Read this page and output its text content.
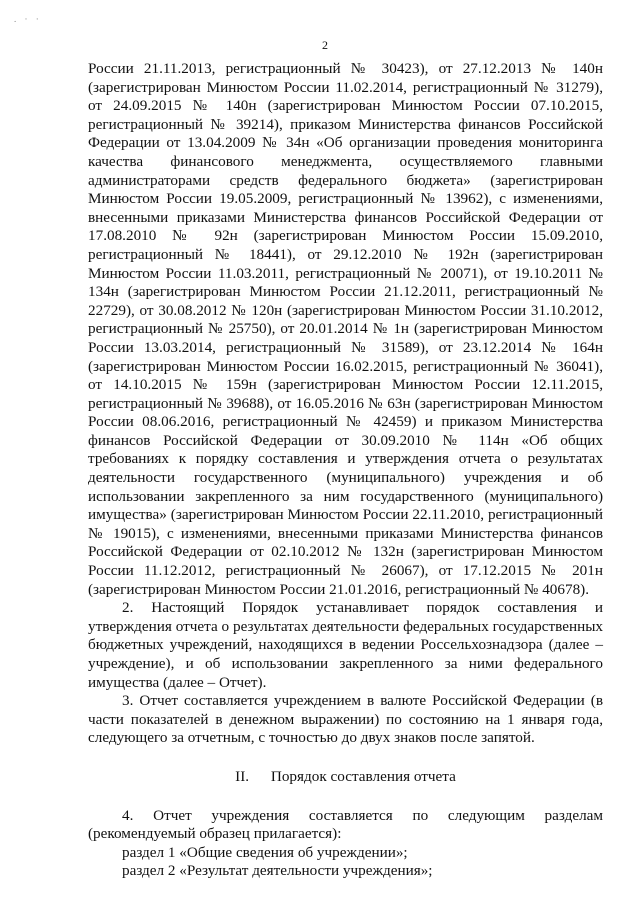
. · ·
2

России 21.11.2013, регистрационный № 30423), от 27.12.2013 № 140н (зарегистрирован Минюстом России 11.02.2014, регистрационный № 31279), от 24.09.2015 № 140н (зарегистрирован Минюстом России 07.10.2015, регистрационный № 39214), приказом Министерства финансов Российской Федерации от 13.04.2009 № 34н «Об организации проведения мониторинга качества финансового менеджмента, осуществляемого главными администраторами средств федерального бюджета» (зарегистрирован Минюстом России 19.05.2009, регистрационный № 13962), с изменениями, внесенными приказами Министерства финансов Российской Федерации от 17.08.2010 № 92н (зарегистрирован Минюстом России 15.09.2010, регистрационный № 18441), от 29.12.2010 № 192н (зарегистрирован Минюстом России 11.03.2011, регистрационный № 20071), от 19.10.2011 № 134н (зарегистрирован Минюстом России 21.12.2011, регистрационный № 22729), от 30.08.2012 № 120н (зарегистрирован Минюстом России 31.10.2012, регистрационный № 25750), от 20.01.2014 № 1н (зарегистрирован Минюстом России 13.03.2014, регистрационный № 31589), от 23.12.2014 № 164н (зарегистрирован Минюстом России 16.02.2015, регистрационный № 36041), от 14.10.2015 № 159н (зарегистрирован Минюстом России 12.11.2015, регистрационный № 39688), от 16.05.2016 № 63н (зарегистрирован Минюстом России 08.06.2016, регистрационный № 42459) и приказом Министерства финансов Российской Федерации от 30.09.2010 № 114н «Об общих требованиях к порядку составления и утверждения отчета о результатах деятельности государственного (муниципального) учреждения и об использовании закрепленного за ним государственного (муниципального) имущества» (зарегистрирован Минюстом России 22.11.2010, регистрационный № 19015), с изменениями, внесенными приказами Министерства финансов Российской Федерации от 02.10.2012 № 132н (зарегистрирован Минюстом России 11.12.2012, регистрационный № 26067), от 17.12.2015 № 201н (зарегистрирован Минюстом России 21.01.2016, регистрационный № 40678).

2. Настоящий Порядок устанавливает порядок составления и утверждения отчета о результатах деятельности федеральных государственных бюджетных учреждений, находящихся в ведении Россельхознадзора (далее – учреждение), и об использовании закрепленного за ними федерального имущества (далее – Отчет).

3. Отчет составляется учреждением в валюте Российской Федерации (в части показателей в денежном выражении) по состоянию на 1 января года, следующего за отчетным, с точностью до двух знаков после запятой.

II. Порядок составления отчета

4. Отчет учреждения составляется по следующим разделам (рекомендуемый образец прилагается):

раздел 1 «Общие сведения об учреждении»;

раздел 2 «Результат деятельности учреждения»;
